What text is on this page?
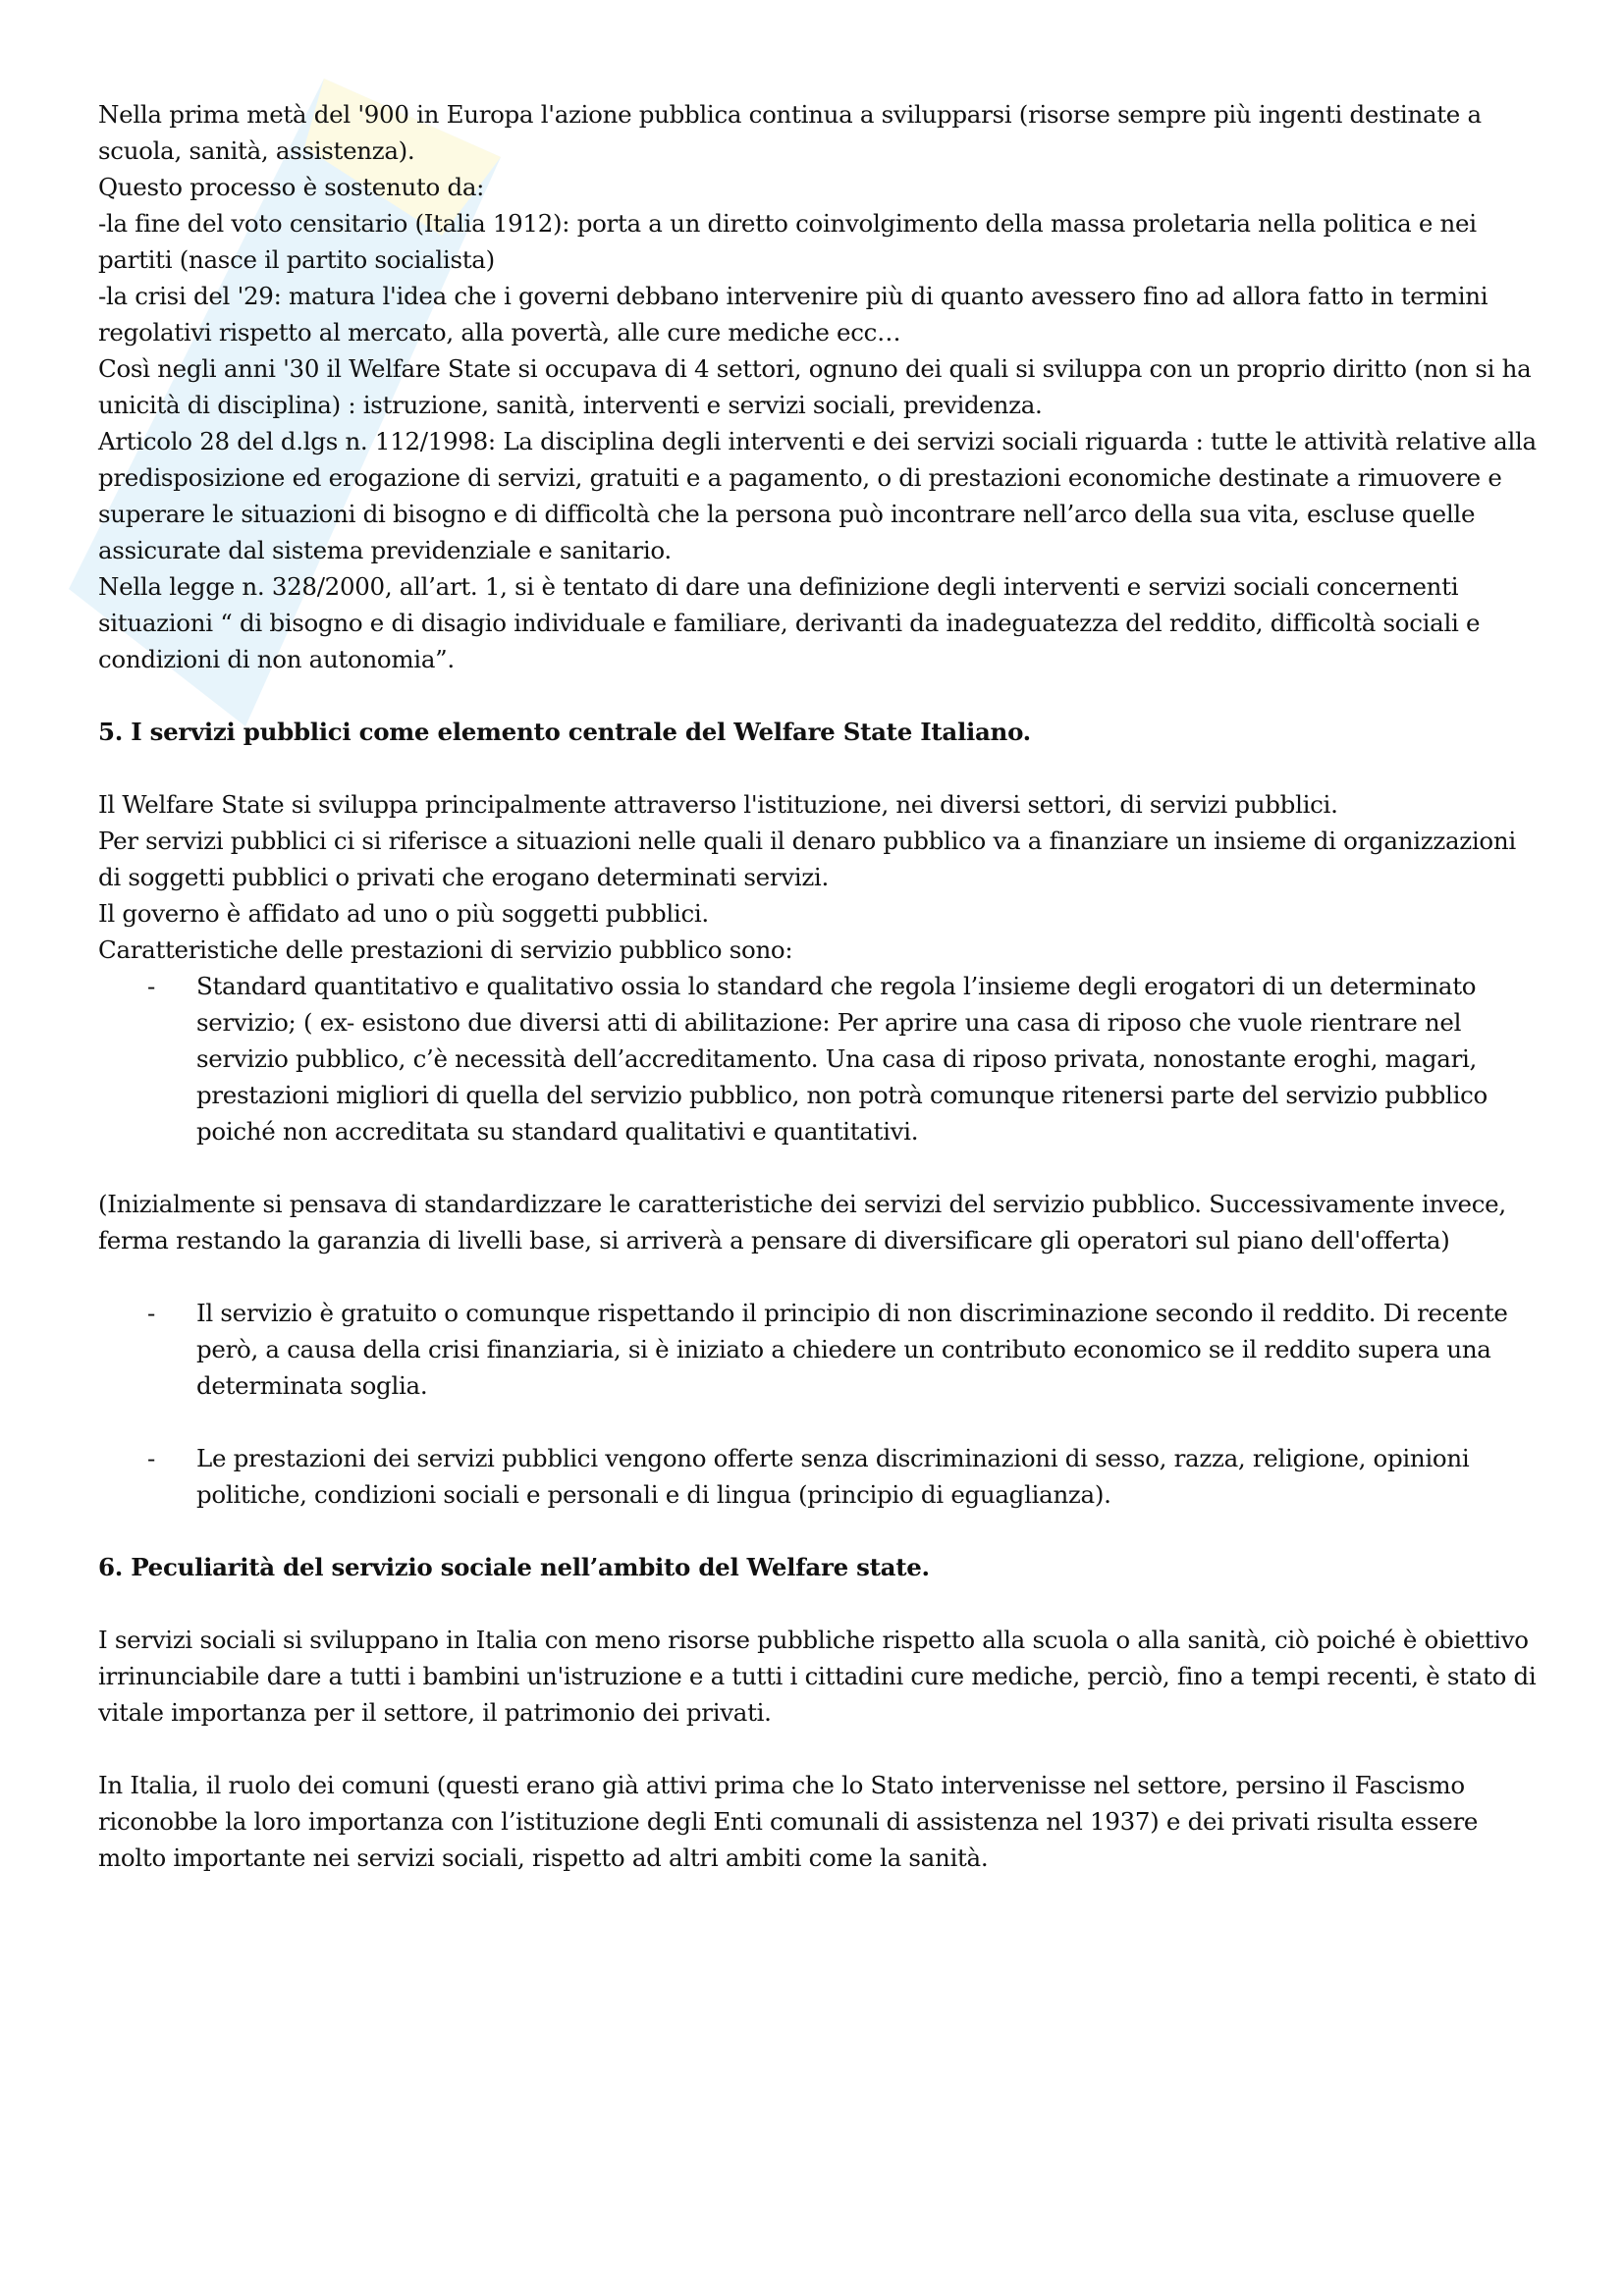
Nella prima metà del '900 in Europa l'azione pubblica continua a svilupparsi (risorse sempre più ingenti destinate a scuola, sanità, assistenza).

Questo processo è sostenuto da:

-la fine del voto censitario (Italia 1912): porta a un diretto coinvolgimento della massa proletaria nella politica e nei partiti (nasce il partito socialista)

-la crisi del '29: matura l'idea che i governi debbano intervenire più di quanto avessero fino ad allora fatto in termini regolativi rispetto al mercato, alla povertà, alle cure mediche ecc…

Così negli anni '30 il Welfare State si occupava di 4 settori, ognuno dei quali si sviluppa con un proprio diritto (non si ha unicità di disciplina) : istruzione, sanità, interventi e servizi sociali, previdenza.

Articolo 28 del d.lgs n. 112/1998: La disciplina degli interventi e dei servizi sociali riguarda : tutte le attività relative alla predisposizione ed erogazione di servizi, gratuiti e a pagamento, o di prestazioni economiche destinate a rimuovere e superare le situazioni di bisogno e di difficoltà che la persona può incontrare nell’arco della sua vita, escluse quelle assicurate dal sistema previdenziale e sanitario.

Nella legge n. 328/2000, all’art. 1, si è tentato di dare una definizione degli interventi e servizi sociali concernenti situazioni “ di bisogno e di disagio individuale e familiare, derivanti da inadeguatezza del reddito, difficoltà sociali e condizioni di non autonomia”.

5. I servizi pubblici come elemento centrale del Welfare State Italiano.

Il Welfare State si sviluppa principalmente attraverso l'istituzione, nei diversi settori, di servizi pubblici.

Per servizi pubblici ci si riferisce a situazioni nelle quali il denaro pubblico va a finanziare un insieme di organizzazioni di soggetti pubblici o privati che erogano determinati servizi.

Il governo è affidato ad uno o più soggetti pubblici.

Caratteristiche delle prestazioni di servizio pubblico sono:

-	Standard quantitativo e qualitativo ossia lo standard che regola l’insieme degli erogatori di un determinato servizio; ( ex- esistono due diversi atti di abilitazione: Per aprire una casa di riposo che vuole rientrare nel servizio pubblico, c’è necessità dell’accreditamento. Una casa di riposo privata, nonostante eroghi, magari, prestazioni migliori di quella del servizio pubblico, non potrà comunque ritenersi parte del servizio pubblico poiché non accreditata su standard qualitativi e quantitativi.

(Inizialmente si pensava di standardizzare le caratteristiche dei servizi del servizio pubblico. Successivamente invece, ferma restando la garanzia di livelli base, si arriverà a pensare di diversificare gli operatori sul piano dell'offerta)

-	Il servizio è gratuito o comunque rispettando il principio di non discriminazione secondo il reddito. Di recente però, a causa della crisi finanziaria, si è iniziato a chiedere un contributo economico se il reddito supera una determinata soglia.
-	Le prestazioni dei servizi pubblici vengono offerte senza discriminazioni di sesso, razza, religione, opinioni politiche, condizioni sociali e personali e di lingua (principio di eguaglianza).
6. Peculiarità del servizio sociale nell’ambito del Welfare state.

I servizi sociali si sviluppano in Italia con meno risorse pubbliche rispetto alla scuola o alla sanità, ciò poiché è obiettivo irrinunciabile dare a tutti i bambini un'istruzione e a tutti i cittadini cure mediche, perciò, fino a tempi recenti, è stato di vitale importanza per il settore, il patrimonio dei privati.

In Italia, il ruolo dei comuni (questi erano già attivi prima che lo Stato intervenisse nel settore, persino il Fascismo riconobbe la loro importanza con l’istituzione degli Enti comunali di assistenza nel 1937) e dei privati risulta essere molto importante nei servizi sociali, rispetto ad altri ambiti come la sanità.
